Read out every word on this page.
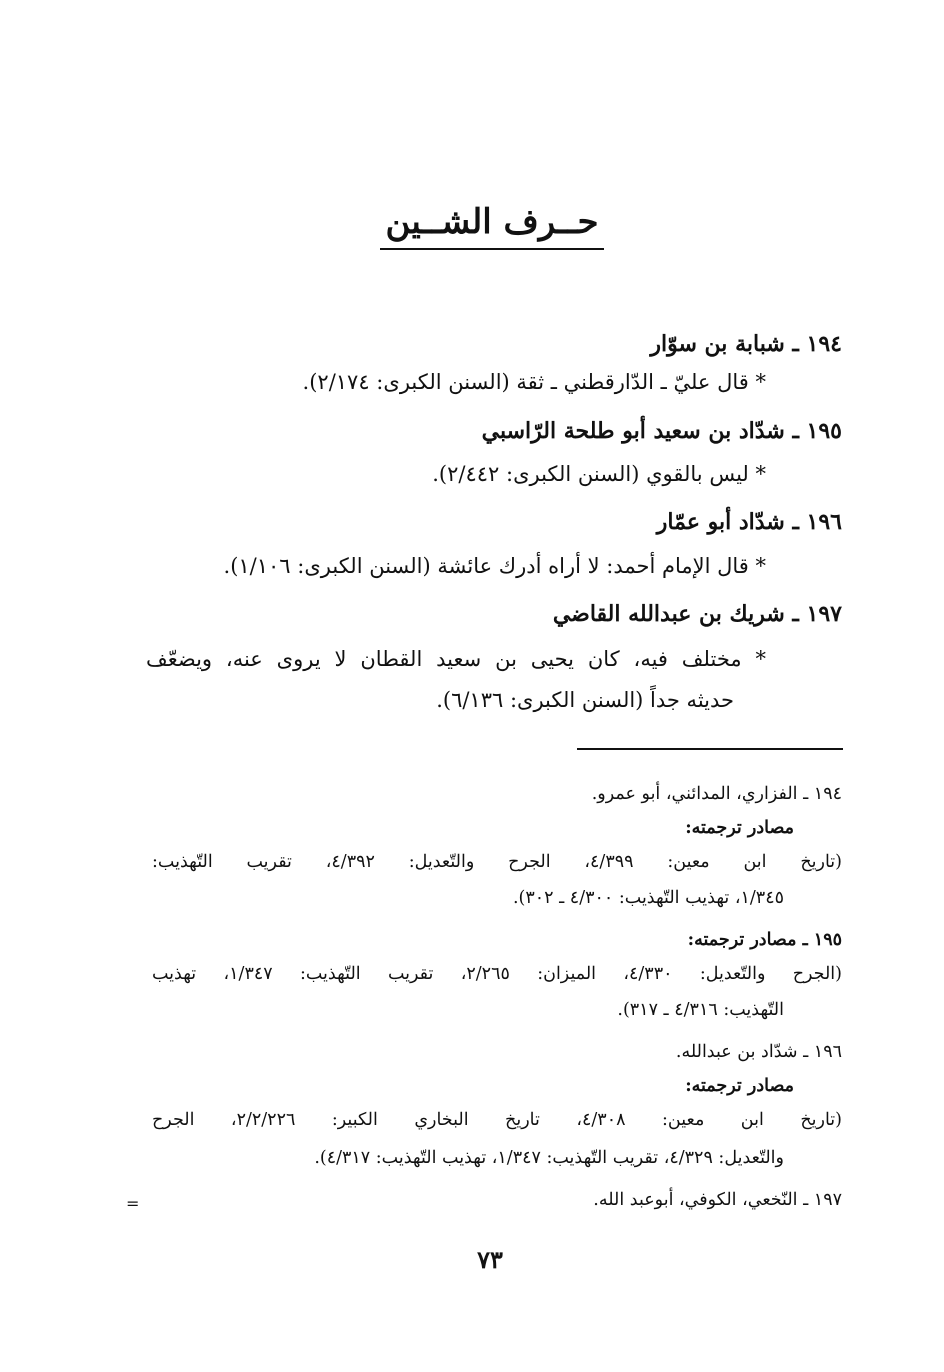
حــرف الشــين
١٩٤ ـ شبابة بن سوّار
* قال عليّ ـ الدّارقطني ـ ثقة (السنن الكبرى: ٢/١٧٤).
١٩٥ ـ شدّاد بن سعيد أبو طلحة الرّاسبي
* ليس بالقوي (السنن الكبرى: ٢/٤٤٢).
١٩٦ ـ شدّاد أبو عمّار
* قال الإمام أحمد: لا أراه أدرك عائشة (السنن الكبرى: ١/١٠٦).
١٩٧ ـ شريك بن عبدالله القاضي
* مختلف فيه، كان يحيى بن سعيد القطان لا يروى عنه، ويضعّف
حديثه جداً (السنن الكبرى: ٦/١٣٦).
١٩٤ ـ الفزاري، المدائني، أبو عمرو.
مصادر ترجمته:
(تاريخ ابن معين: ٤/٣٩٩، الجرح والتّعديل: ٤/٣٩٢، تقريب التّهذيب:
١/٣٤٥، تهذيب التّهذيب: ٤/٣٠٠ ـ ٣٠٢).
١٩٥ ـ مصادر ترجمته:
(الجرح والتّعديل: ٤/٣٣٠، الميزان: ٢/٢٦٥، تقريب التّهذيب: ١/٣٤٧، تهذيب
التّهذيب: ٤/٣١٦ ـ ٣١٧).
١٩٦ ـ شدّاد بن عبدالله.
مصادر ترجمته:
(تاريخ ابن معين: ٤/٣٠٨، تاريخ البخاري الكبير: ٢/٢/٢٢٦، الجرح
والتّعديل: ٤/٣٢٩، تقريب التّهذيب: ١/٣٤٧، تهذيب التّهذيب: ٤/٣١٧).
١٩٧ ـ النّخعي، الكوفي، أبوعبد الله.
=
٧٣
